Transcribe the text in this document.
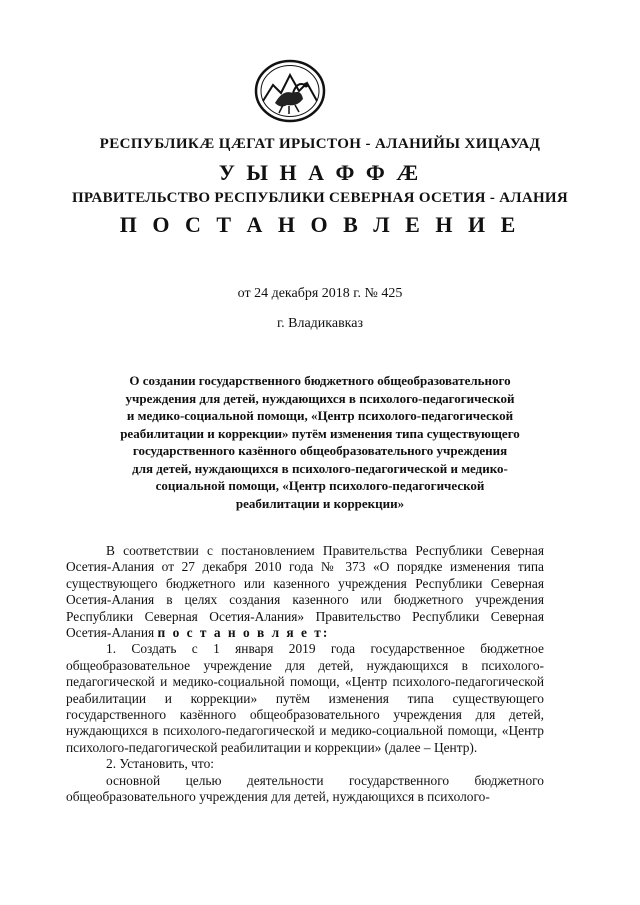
РЕСПУБЛИКӔ ЦӔГАТ ИРЫСТОН - АЛАНИЙЫ ХИЦАУАД
У Ы Н А Ф Ф Ӕ
ПРАВИТЕЛЬСТВО РЕСПУБЛИКИ СЕВЕРНАЯ ОСЕТИЯ - АЛАНИЯ
П О С Т А Н О В Л Е Н И Е
от 24 декабря 2018 г. № 425
г. Владикавказ
О создании государственного бюджетного общеобразовательного
учреждения для детей, нуждающихся в психолого-педагогической
и медико-социальной помощи, «Центр психолого-педагогической
реабилитации и коррекции» путём изменения типа существующего
государственного казённого общеобразовательного учреждения
для детей, нуждающихся в психолого-педагогической и медико-
социальной помощи, «Центр психолого-педагогической
реабилитации и коррекции»

В соответствии с постановлением Правительства Республики Северная Осетия-Алания от 27 декабря 2010 года № 373 «О порядке изменения типа существующего бюджетного или казенного учреждения Республики Северная Осетия-Алания в целях создания казенного или бюджетного учреждения Республики Северная Осетия-Алания» Правительство Республики Северная Осетия-Алания п о с т а н о в л я е т:

1. Создать с 1 января 2019 года государственное бюджетное общеобразовательное учреждение для детей, нуждающихся в психолого-педагогической и медико-социальной помощи, «Центр психолого-педагогической реабилитации и коррекции» путём изменения типа существующего государственного казённого общеобразовательного учреждения для детей, нуждающихся в психолого-педагогической и медико-социальной помощи, «Центр психолого-педагогической реабилитации и коррекции» (далее – Центр).

2. Установить, что:

основной целью деятельности государственного бюджетного общеобразовательного учреждения для детей, нуждающихся в психолого-
